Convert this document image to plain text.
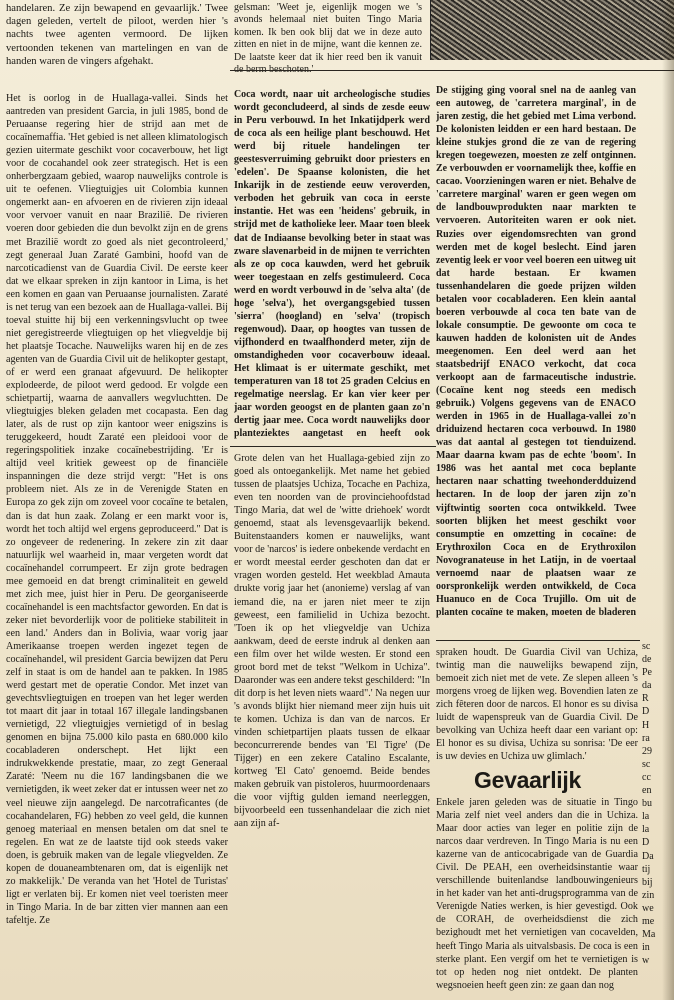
handelaren. Ze zijn bewapend en gevaarlijk.' Twee dagen geleden, vertelt de piloot, werden hier 's nachts twee agenten vermoord. De lijken vertoonden tekenen van martelingen en van de handen waren de vingers afgehakt.

gelsman: 'Weet je, eigenlijk mogen we 's avonds helemaal niet buiten Tingo Maria komen. Ik ben ook blij dat we in deze auto zitten en niet in de mijne, want die kennen ze. De laatste keer dat ik hier reed ben ik vanuit

Het is oorlog in de Huallaga-vallei. Sinds het aantreden van president Garcia, in juli 1985, bond de Peruaanse regering hier de strijd aan met de cocaïnemaffia. 'Het gebied is net alleen klimatologisch gezien uitermate geschikt voor cocaverbouw, het ligt voor de cocahandel ook zeer strategisch. Het is een onherbergzaam gebied, waarop nauwelijks controle is uit te oefenen. Vliegtuigjes uit Colombia kunnen ongemerkt aan- en afvoeren en de rivieren zijn ideaal voor vervoer vanuit en naar Brazilië. De rivieren voeren door gebieden die dun bevolkt zijn en de grens met Brazilië wordt zo goed als niet gecontroleerd,' zegt generaal Juan Zaraté Gambini, hoofd van de narcoticadienst van de Guardia Civil. De eerste keer dat we elkaar spreken in zijn kantoor in Lima, is het een komen en gaan van Peruaanse journalisten. Zaraté is net terug van een bezoek aan de Huallaga-vallei. Bij toeval stuitte hij bij een verkenningsvlucht op twee niet geregistreerde vliegtuigen op het vliegveldje bij het plaatsje Tocache. Nauwelijks waren hij en de zes agenten van de Guardia Civil uit de helikopter gestapt, of er werd een granaat afgevuurd. De helikopter explodeerde, de piloot werd gedood. Er volgde een schietpartij, waarna de aanvallers wegvluchtten. De vliegtuigjes bleken geladen met cocapasta. Een dag later, als de rust op zijn kantoor weer enigszins is teruggekeerd, houdt Zaraté een pleidooi voor de regeringspolitiek inzake cocaïnebestrijding. 'Er is altijd veel kritiek geweest op de financiële inspanningen die deze strijd vergt: "Het is ons probleem niet. Als ze in de Verenigde Staten en Europa zo gek zijn om zoveel voor cocaïne te betalen, dan is dat hun zaak. Zolang er een markt voor is, wordt het toch altijd wel ergens geproduceerd." Dat is zo ongeveer de redenering. In zekere zin zit daar natuurlijk wel waarheid in, maar vergeten wordt dat cocaïnehandel corrumpeert. Er zijn grote bedragen mee gemoeid en dat brengt criminaliteit en geweld met zich mee, juist hier in Peru. De georganiseerde cocaïnehandel is een machtsfactor geworden. En dat is zeker niet bevorderlijk voor de politieke stabiliteit in een land.' Anders dan in Bolivia, waar vorig jaar Amerikaanse troepen werden ingezet tegen de cocaïnehandel, wil president Garcia bewijzen dat Peru zelf in staat is om de handel aan te pakken. In 1985 werd gestart met de operatie Condor. Met inzet van gevechtsvliegtuigen en troepen van het leger werden tot maart dit jaar in totaal 167 illegale landingsbanen vernietigd, 22 vliegtuigjes vernietigd of in beslag genomen en bijna 75.000 kilo pasta en 680.000 kilo cocabladeren onderschept. Het lijkt een indrukwekkende prestatie, maar, zo zegt Generaal Zaraté: 'Neem nu die 167 landingsbanen die we vernietigden, ik weet zeker dat er intussen weer net zo veel nieuwe zijn aangelegd. De narcotraficantes (de cocahandelaren, FG) hebben zo veel geld, die kunnen genoeg materiaal en mensen betalen om dat snel te regelen. En wat ze de laatste tijd ook steeds vaker doen, is gebruik maken van de legale vliegvelden. Ze kopen de douaneambtenaren om, dat is eigenlijk net zo makkelijk.' De veranda van het 'Hotel de Turistas' ligt er verlaten bij. Er komen niet veel toeristen meer in Tingo Maria. In de bar zitten vier mannen aan een tafeltje. Ze

Coca wordt, naar uit archeologische studies wordt geconcludeerd, al sinds de zesde eeuw in Peru verbouwd. In het Inkatijdperk werd de coca als een heilige plant beschouwd. Het werd bij rituele handelingen ter geestesverruiming gebruikt door priesters en 'edelen'. De Spaanse kolonisten, die het Inkarijk in de zestiende eeuw veroverden, verboden het gebruik van coca in eerste instantie. Het was een 'heidens' gebruik, in strijd met de katholieke leer. Maar toen bleek dat de Indiaanse bevolking beter in staat was zware slavenarbeid in de mijnen te verrichten als ze op coca kauwden, werd het gebruik weer toegestaan en zelfs gestimuleerd. Coca werd en wordt verbouwd in de 'selva alta' (de hoge 'selva'), het overgangsgebied tussen 'sierra' (hoogland) en 'selva' (tropisch regenwoud). Daar, op hoogtes van tussen de vijfhonderd en twaalfhonderd meter, zijn de omstandigheden voor cocaverbouw ideaal. Het klimaat is er uitermate geschikt, met temperaturen van 18 tot 25 graden Celcius en regelmatige neerslag. Er kan vier keer per jaar worden geoogst en de planten gaan zo'n dertig jaar mee. Coca wordt nauwelijks door planteziektes aangetast en heeft ook

De stijging ging vooral snel na de aanleg van een autoweg, de 'carretera marginal', in de jaren zestig, die het gebied met Lima verbond. De kolonisten leidden er een hard bestaan. De kleine stukjes grond die ze van de regering kregen toegewezen, moesten ze zelf ontginnen. Ze verbouwden er voornamelijk thee, koffie en cacao. Voorzieningen waren er niet. Behalve de 'carretere marginal' waren er geen wegen om de landbouwprodukten naar markten te vervoeren. Autoriteiten waren er ook niet. Ruzies over eigendomsrechten van grond werden met de kogel beslecht. Eind jaren zeventig leek er voor veel boeren een uitweg uit dat harde bestaan. Er kwamen tussenhandelaren die goede prijzen wilden betalen voor cocabladeren. Een klein aantal boeren verbouwde al coca ten bate van de lokale consumptie. De gewoonte om coca te kauwen hadden de kolonisten uit de Andes meegenomen. Een deel werd aan het staatsbedrijf ENACO verkocht, dat coca verkoopt aan de farmaceutische industrie. (Cocaïne kent nog steeds een medisch gebruik.) Volgens gegevens van de ENACO werden in 1965 in de Huallaga-vallei zo'n driduizend hectaren coca verbouwd. In 1980 was dat aantal al gestegen tot tienduizend. Maar daarna kwam pas de echte 'boom'. In 1986 was het aantal met coca beplante hectaren naar schatting tweehonderdduizend hectaren. In de loop der jaren zijn zo'n vijftwintig soorten coca ontwikkeld. Twee soorten blijken het meest geschikt voor consumptie en omzetting in cocaïne: de Erythroxilon Coca en de Erythroxilon Novogranateuse in het Latijn, in de voertaal vernoemd naar de plaatsen waar ze oorspronkelijk werden ontwikkeld, de Coca Huanuco en de Coca Trujillo. Om uit de planten cocaïne te maken, moeten de bladeren

Grote delen van het Huallaga-gebied zijn zo goed als ontoegankelijk. Met name het gebied tussen de plaatsjes Uchiza, Tocache en Pachiza, even ten noorden van de provinciehoofdstad Tingo Maria, dat wel de 'witte driehoek' wordt genoemd, staat als levensgevaarlijk bekend. Buitenstaanders komen er nauwelijks, want voor de 'narcos' is iedere onbekende verdacht en er wordt meestal eerder geschoten dan dat er vragen worden gesteld. Het weekblad Amauta drukte vorig jaar het (anonieme) verslag af van iemand die, na er jaren niet meer te zijn geweest, een familielid in Uchiza bezocht. 'Toen ik op het vliegveldje van Uchiza aankwam, deed de eerste indruk al denken aan een film over het wilde westen. Er stond een groot bord met de tekst "Welkom in Uchiza". Daaronder was een andere tekst geschilderd: "In dit dorp is het leven niets waard".' Na negen uur 's avonds blijkt hier niemand meer zijn huis uit te komen. Uchiza is dan van de narcos. Er vinden schietpartijen plaats tussen de elkaar beconcurrerende bendes van 'El Tigre' (De Tijger) en een zekere Catalino Escalante, kortweg 'El Cato' genoemd. Beide bendes maken gebruik van pistoleros, huurmoordenaars die voor vijftig gulden iemand neerleggen, bijvoorbeeld een tussenhandelaar die zich niet aan zijn af-

spraken houdt. De Guardia Civil van Uchiza, twintig man die nauwelijks bewapend zijn, bemoeit zich niet met de vete. Ze slepen alleen 's morgens vroeg de lijken weg. Bovendien laten ze zich fêteren door de narcos. El honor es su divisa luidt de wapenspreuk van de Guardia Civil. De bevolking van Uchiza heeft daar een variant op: El honor es su divisa, Uchiza su sonrisa: 'De eer is uw devies en Uchiza uw glimlach.'

Gevaarlijk

Enkele jaren geleden was de situatie in Tingo Maria zelf niet veel anders dan die in Uchiza. Maar door acties van leger en politie zijn de narcos daar verdreven. In Tingo Maria is nu een kazerne van de anticocabrigade van de Guardia Civil. De PEAH, een overheidsinstantie waar verschillende buitenlandse landbouwingenieurs in het kader van het anti-drugsprogramma van de Verenigde Naties werken, is hier gevestigd. Ook de CORAH, de overheidsdienst die zich bezighoudt met het vernietigen van cocavelden, heeft Tingo Maria als uitvalsbasis. De coca is een sterke plant. Een vergif om het te vernietigen is tot op heden nog niet ontdekt. De planten wegsnoeien heeft geen zin: ze gaan dan nog

sc
de
Pe
da
R
D
H
ra
29
sc
cc
en
bu
la
la
D
Da
tij
bij
zin
we
me
Ma
in
w
